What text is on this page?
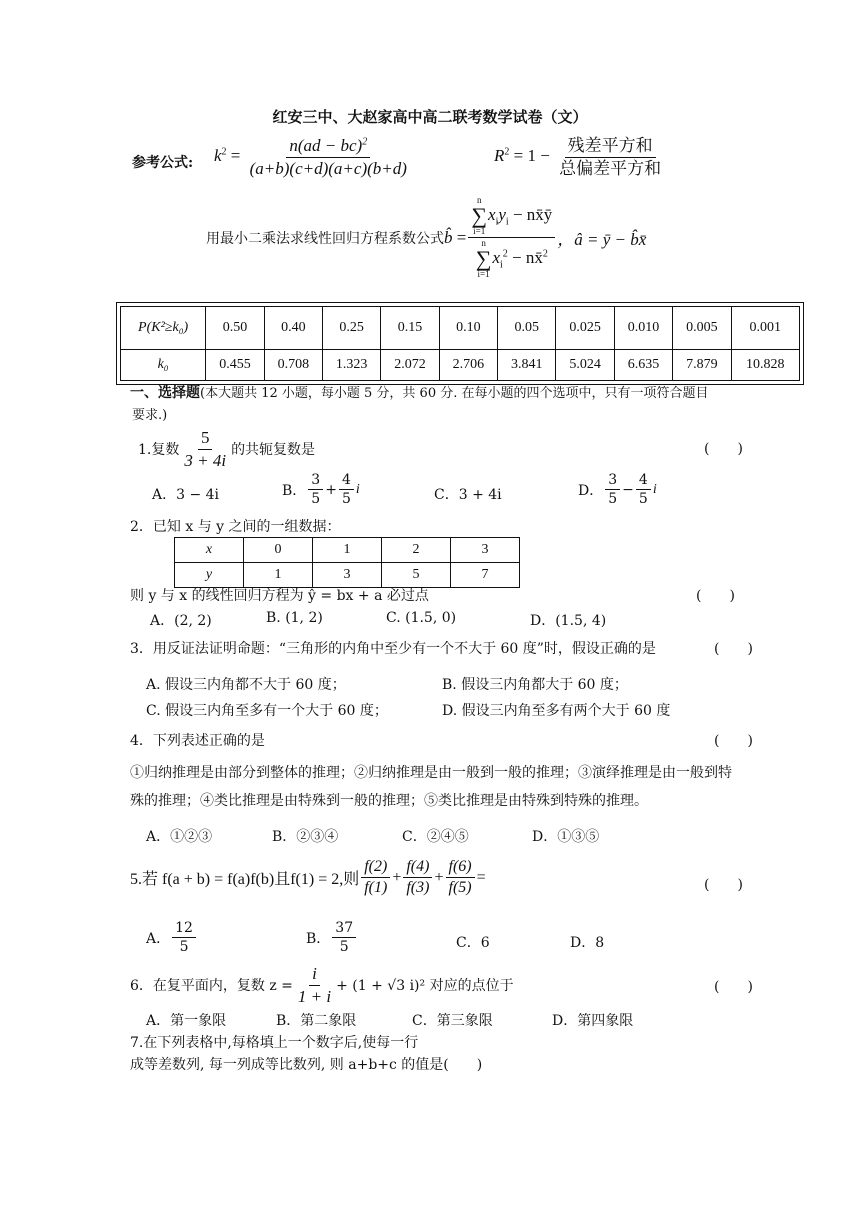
红安三中、大赵家高中高二联考数学试卷（文）
参考公式: $k^2 = \frac{n(ad - bc)^2}{(a+b)(c+d)(a+c)(b+d)}$	$R^2 = 1 - \frac{\text{残差平方和}}{\text{总偏差平方和}}$
用最小二乘法求线性回归方程系数公式 b̂ = n
∑
i=1
$x_iy_i$ − nx̄ȳ
n
∑
i=1
$x_i^2$ − nx̄$^2$ ，â = ȳ − b̂x̄
P(K²≥k₀)	0.50	0.40	0.25	0.15	0.10	0.05	0.025	0.010	0.005	0.001
k₀	0.455	0.708	1.323	2.072	2.706	3.841	5.024	6.635	7.879	10.828
一、选择题(本大题共 12 小题，每小题 5 分，共 60 分. 在每小题的四个选项中，只有一项符合题目
要求.)
1.复数 $\frac{5}{3 + 4i}$ 的共轭复数是	(　　)
A．3 − 4i	B． $\frac{3}{5} + \frac{4}{5}$ i	C．3 + 4i	D． $\frac{3}{5} - \frac{4}{5}$ i
2．已知 x 与 y 之间的一组数据：
x	0	1	2	3
y	1	3	5	7
则 y 与 x 的线性回归方程为 ŷ = bx + a 必过点	(　　)
A．(2, 2)	B. (1, 2)	C. (1.5, 0)	D．(1.5, 4)
3．用反证法证明命题：“三角形的内角中至少有一个不大于 60 度”时，假设正确的是	(　　)
A. 假设三内角都不大于 60 度；	B. 假设三内角都大于 60 度；
C. 假设三内角至多有一个大于 60 度；	D. 假设三内角至多有两个大于 60 度
4．下列表述正确的是	(　　)
①归纳推理是由部分到整体的推理；②归纳推理是由一般到一般的推理；③演绎推理是由一般到特
殊的推理；④类比推理是由特殊到一般的推理；⑤类比推理是由特殊到特殊的推理。
A．①②③	B．②③④	C．②④⑤	D．①③⑤
5.若 f(a + b) = f(a)f(b)且f(1) = 2,则 $\frac{f(2)}{f(1)} + \frac{f(4)}{f(3)} + \frac{f(6)}{f(5)}$ =	(　　)
A． $\frac{12}{5}$	B． $\frac{37}{5}$	C．6	D．8
6．在复平面内，复数 $z = \frac{i}{1 + i} + (1 + √3$ i)² 对应的点位于	(　　)
A．第一象限	B．第二象限	C．第三象限	D．第四象限
7.在下列表格中,每格填上一个数字后,使每一行
成等差数列, 每一列成等比数列, 则 a+b+c 的值是(　　)
